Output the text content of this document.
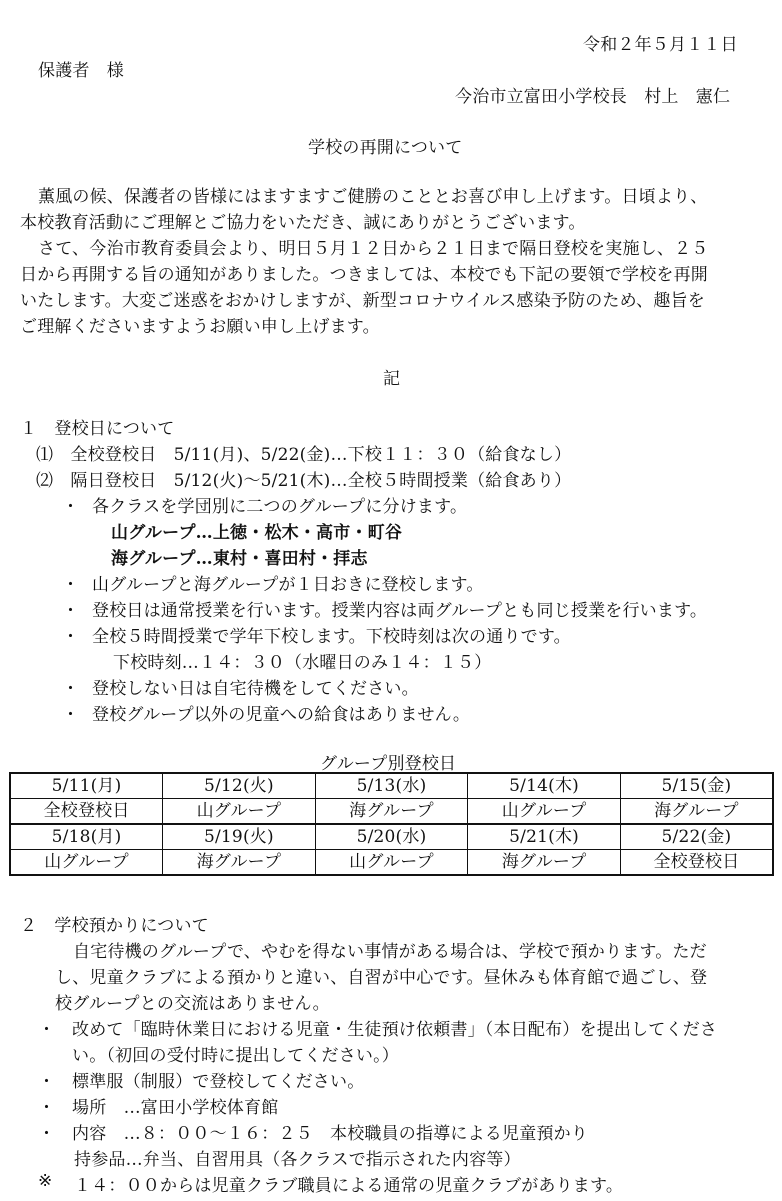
令和２年５月１１日
保護者　様
今治市立富田小学校長　村上　憲仁
学校の再開について
薫風の候、保護者の皆様にはますますご健勝のこととお喜び申し上げます。日頃より、
本校教育活動にご理解とご協力をいただき、誠にありがとうございます。
さて、今治市教育委員会より、明日５月１２日から２１日まで隔日登校を実施し、２５
日から再開する旨の通知がありました。つきましては、本校でも下記の要領で学校を再開
いたします。大変ご迷惑をおかけしますが、新型コロナウイルス感染予防のため、趣旨を
ご理解くださいますようお願い申し上げます。
記
１　登校日について
⑴　全校登校日　5/11(月)、5/22(金)…下校１１：３０（給食なし）
⑵　隔日登校日　5/12(火)～5/21(木)…全校５時間授業（給食あり）
・ 各クラスを学団別に二つのグループに分けます。
山グループ…上徳・松木・高市・町谷
海グループ…東村・喜田村・拝志
・ 山グループと海グループが１日おきに登校します。
・ 登校日は通常授業を行います。授業内容は両グループとも同じ授業を行います。
・ 全校５時間授業で学年下校します。下校時刻は次の通りです。
下校時刻…１４：３０（水曜日のみ１４：１５）
・ 登校しない日は自宅待機をしてください。
・ 登校グループ以外の児童への給食はありません。
グループ別登校日
5/11(月)	5/12(火)	5/13(水)	5/14(木)	5/15(金)
全校登校日	山グループ	海グループ	山グループ	海グループ
5/18(月)	5/19(火)	5/20(水)	5/21(木)	5/22(金)
山グループ	海グループ	山グループ	海グループ	全校登校日
２　学校預かりについて
自宅待機のグループで、やむを得ない事情がある場合は、学校で預かります。ただ
し、児童クラブによる預かりと違い、自習が中心です。昼休みも体育館で過ごし、登
校グループとの交流はありません。
・ 改めて「臨時休業日における児童・生徒預け依頼書」（本日配布）を提出してくださ
い。（初回の受付時に提出してください。）
・ 標準服（制服）で登校してください。
・ 場所　…富田小学校体育館
・ 内容　…８：００～１６：２５　本校職員の指導による児童預かり
持参品…弁当、自習用具（各クラスで指示された内容等）
※ １４：００からは児童クラブ職員による通常の児童クラブがあります。
